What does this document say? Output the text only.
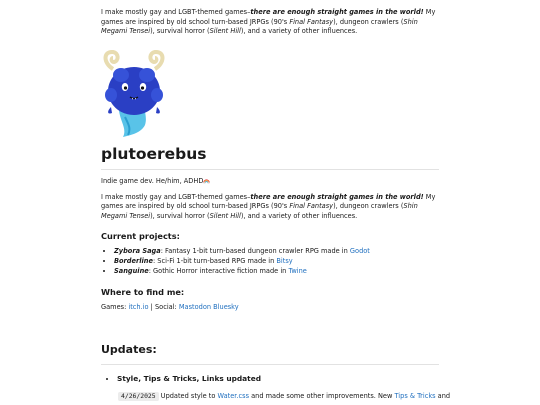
I make mostly gay and LGBT-themed games–there are enough straight games in the world! My games are inspired by old school turn-based JRPGs (90's Final Fantasy), dungeon crawlers (Shin Megami Tensei), survival horror (Silent Hill), and a variety of other influences.

plutoerebus

Indie game dev. He/him, ADHD

I make mostly gay and LGBT-themed games–there are enough straight games in the world! My games are inspired by old school turn-based JRPGs (90's Final Fantasy), dungeon crawlers (Shin Megami Tensei), survival horror (Silent Hill), and a variety of other influences.

Current projects:
• Zybora Saga: Fantasy 1-bit turn-based dungeon crawler RPG made in Godot
• Borderline: Sci-Fi 1-bit turn-based RPG made in Bitsy
• Sanguine: Gothic Horror interactive fiction made in Twine
Where to find me:

Games: itch.io | Social: Mastodon Bluesky

Updates:
• Style, Tips & Tricks, Links updated

4/26/2025 Updated style to Water.css and made some other improvements. New Tips & Tricks and
